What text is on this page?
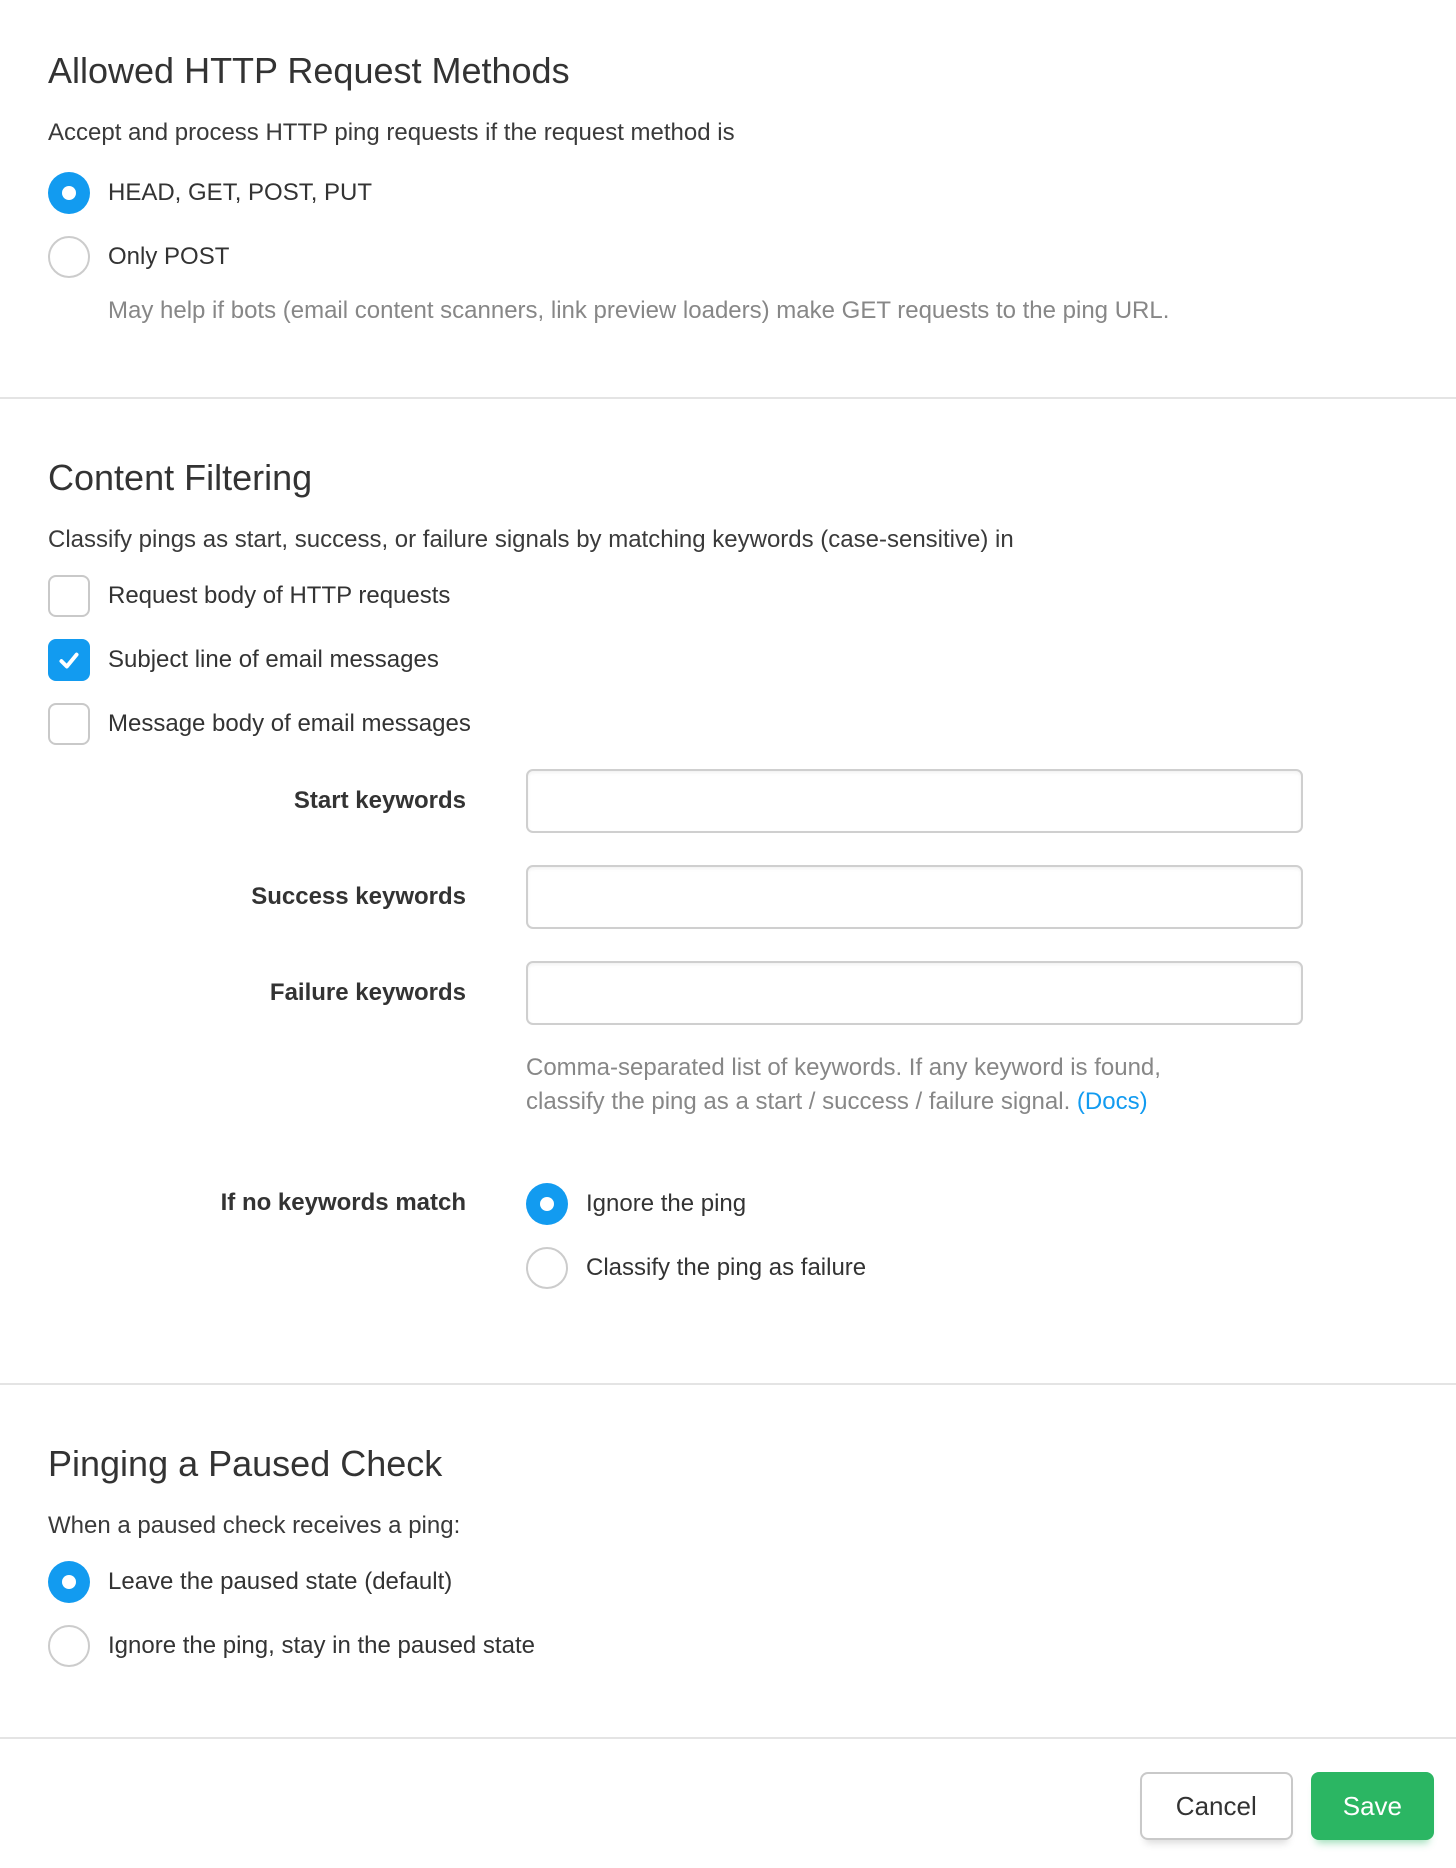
Allowed HTTP Request Methods

Accept and process HTTP ping requests if the request method is

HEAD, GET, POST, PUT
Only POST

May help if bots (email content scanners, link preview loaders) make GET requests to the ping URL.

Content Filtering

Classify pings as start, success, or failure signals by matching keywords (case-sensitive) in

Request body of HTTP requests
Subject line of email messages
Message body of email messages
Start keywords
Success keywords
Failure keywords

Comma-separated list of keywords. If any keyword is found,
classify the ping as a start / success / failure signal. (Docs)

If no keywords match	Ignore the ping
Classify the ping as failure
Pinging a Paused Check

When a paused check receives a ping:

Leave the paused state (default)
Ignore the ping, stay in the paused state
Cancel	Save
